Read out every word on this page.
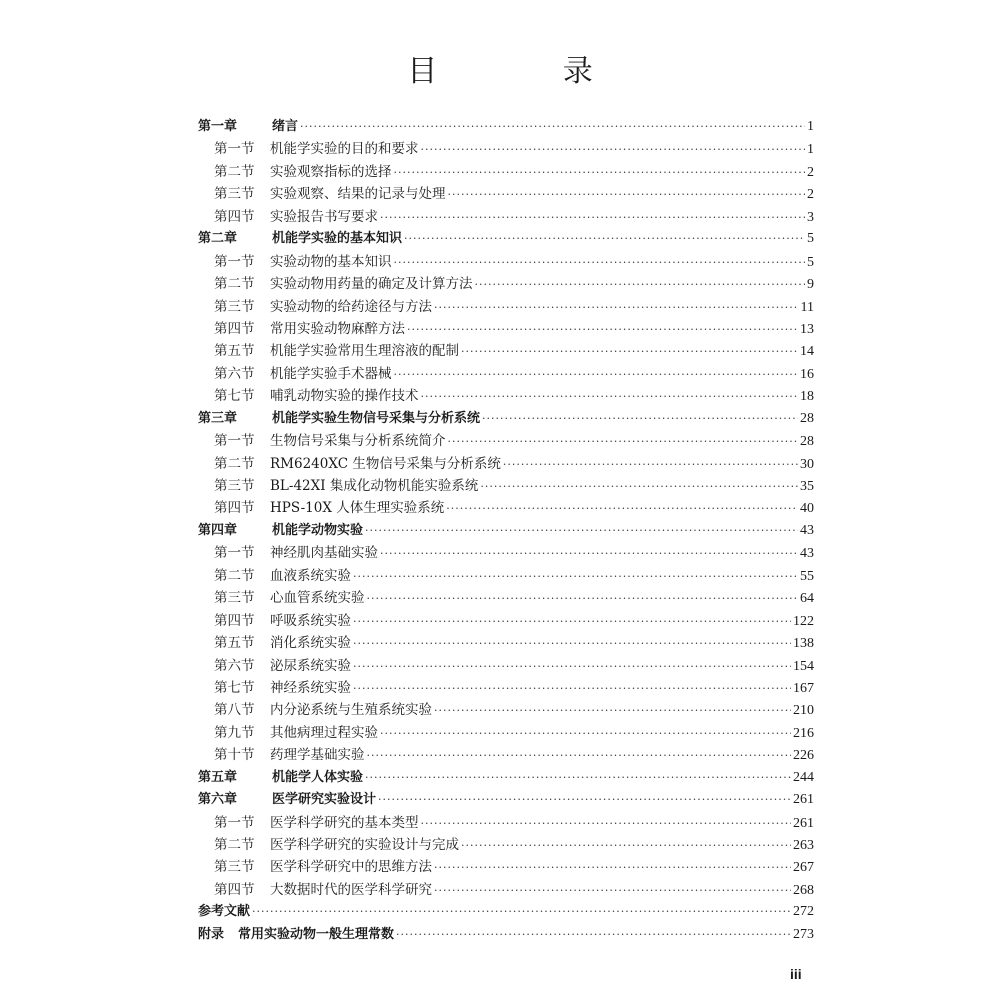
目 录
第一章	绪言 ·····	1
第一节	机能学实验的目的和要求 ·····	1
第二节	实验观察指标的选择 ·····	2
第三节	实验观察、结果的记录与处理 ·····	2
第四节	实验报告书写要求 ·····	3
第二章	机能学实验的基本知识 ·····	5
第一节	实验动物的基本知识 ·····	5
第二节	实验动物用药量的确定及计算方法 ·····	9
第三节	实验动物的给药途径与方法 ·····	11
第四节	常用实验动物麻醉方法 ·····	13
第五节	机能学实验常用生理溶液的配制 ·····	14
第六节	机能学实验手术器械 ·····	16
第七节	哺乳动物实验的操作技术 ·····	18
第三章	机能学实验生物信号采集与分析系统 ·····	28
第一节	生物信号采集与分析系统简介 ·····	28
第二节	RM6240XC 生物信号采集与分析系统 ·····	30
第三节	BL-42XI 集成化动物机能实验系统 ·····	35
第四节	HPS-10X 人体生理实验系统 ·····	40
第四章	机能学动物实验 ·····	43
第一节	神经肌肉基础实验 ·····	43
第二节	血液系统实验 ·····	55
第三节	心血管系统实验 ·····	64
第四节	呼吸系统实验 ·····	122
第五节	消化系统实验 ·····	138
第六节	泌尿系统实验 ·····	154
第七节	神经系统实验 ·····	167
第八节	内分泌系统与生殖系统实验 ·····	210
第九节	其他病理过程实验 ·····	216
第十节	药理学基础实验 ·····	226
第五章	机能学人体实验 ·····	244
第六章	医学研究实验设计 ·····	261
第一节	医学科学研究的基本类型 ·····	261
第二节	医学科学研究的实验设计与完成 ·····	263
第三节	医学科学研究中的思维方法 ·····	267
第四节	大数据时代的医学科学研究 ·····	268
参考文献 ·····	272
附录	常用实验动物一般生理常数 ·····	273
iii
